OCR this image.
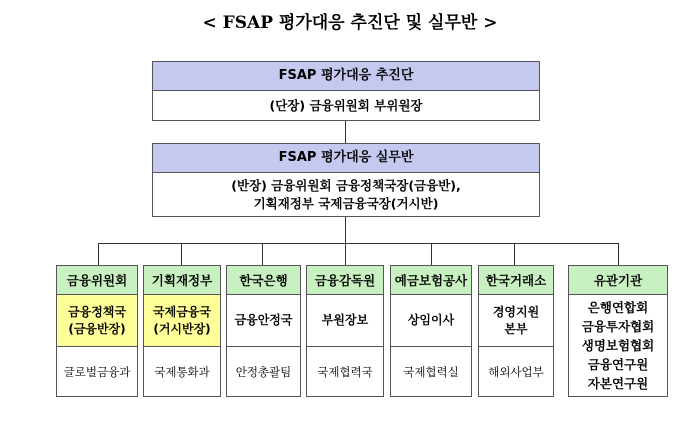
< FSAP 평가대응 추진단 및 실무반 >
FSAP 평가대응 추진단
(단장) 금융위원회 부위원장
FSAP 평가대응 실무반
(반장) 금융위원회 금융정책국장(금융반),
기획재정부 국제금융국장(거시반)
금융위원회
금융정책국
(금융반장)
글로벌금융과
기획재정부
국제금융국
(거시반장)
국제통화과
한국은행
금융안정국
안정총괄팀
금융감독원
부원장보
국제협력국
예금보험공사
상임이사
국제협력실
한국거래소
경영지원
본부
해외사업부
유관기관
은행연합회
금융투자협회
생명보험협회
금융연구원
자본연구원
